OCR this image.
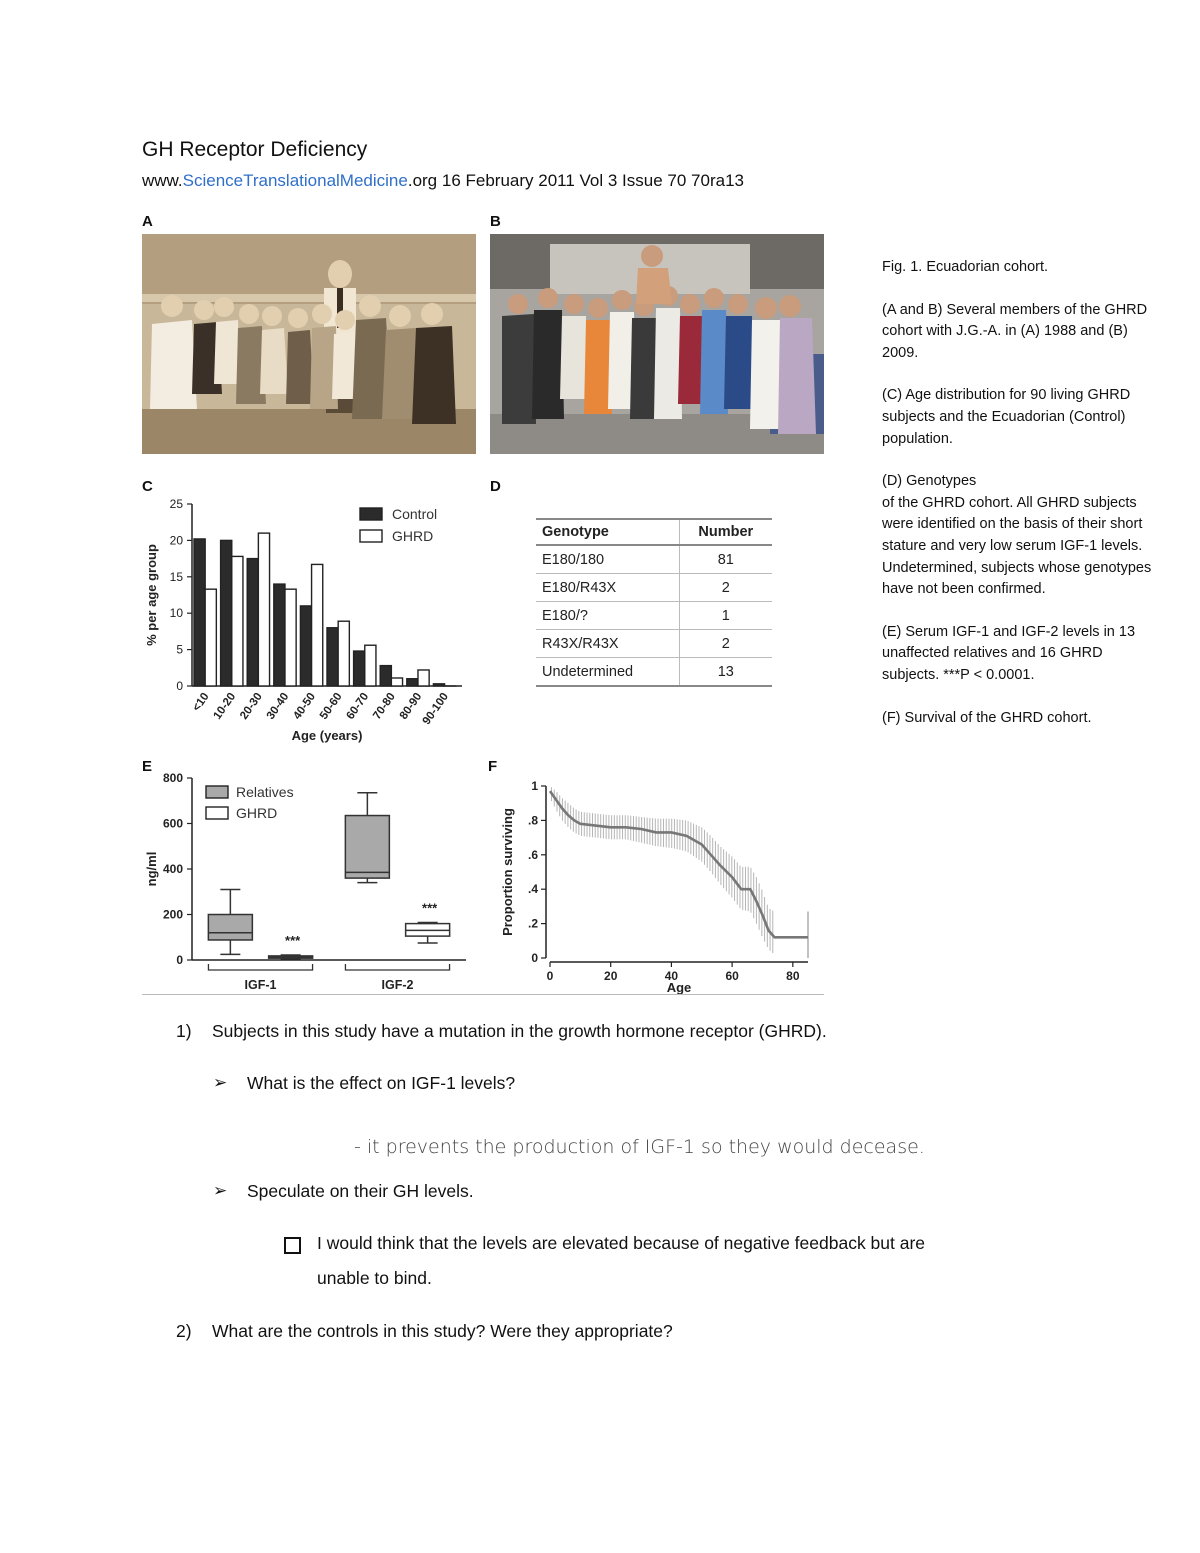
GH Receptor Deficiency
www.ScienceTranslationalMedicine.org 16 February 2011 Vol 3 Issue 70 70ra13
A	B
C	D
E	F
0
5
10
15
20
25
<10 10-20 20-30 30-40 40-50 50-60 60-70 70-80 80-90
90-100
Age (years)
% per age group
Control
GHRD	Genotype	Number
E180/180	81
E180/R43X	2
E180/?	1
R43X/R43X	2
Undetermined	13
0
200
400
600
800
ng/ml
***
***
IGF-1	IGF-2
Relatives
GHRD
0
.2
.4
.6
.8
1
0	20	40	60	80
Age
Proportion surviving

Fig. 1. Ecuadorian cohort.

(A and B) Several members of the GHRD cohort with J.G.-A. in (A) 1988 and (B) 2009.

(C) Age distribution for 90 living GHRD subjects and the Ecuadorian (Control) population.

(D) Genotypes

of the GHRD cohort. All GHRD subjects were identified on the basis of their short stature and very low serum IGF-1 levels. Undetermined, subjects whose genotypes have not been confirmed.

(E) Serum IGF-1 and IGF-2 levels in 13 unaffected relatives and 16 GHRD subjects. ***P < 0.0001.

(F) Survival of the GHRD cohort.

1) Subjects in this study have a mutation in the growth hormone receptor (GHRD).
➢ What is the effect on IGF-1 levels?
- it prevents the production of IGF-1 so they would decease.
➢ Speculate on their GH levels.
I would think that the levels are elevated because of negative feedback but are
unable to bind.
2) What are the controls in this study? Were they appropriate?
